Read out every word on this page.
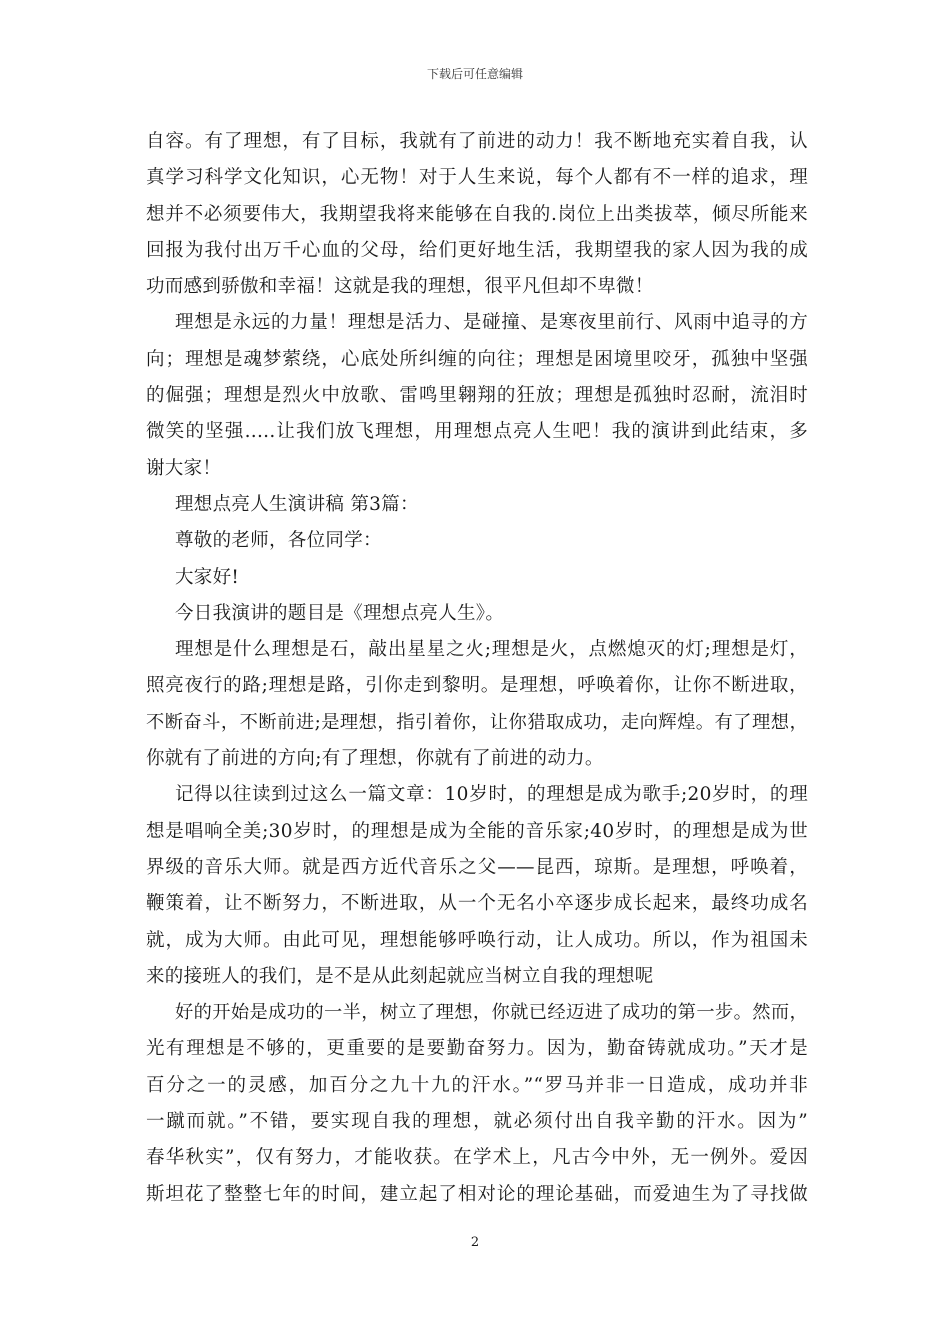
下载后可任意编辑
自容。有了理想，有了目标，我就有了前进的动力！我不断地充实着自我，认
真学习科学文化知识，心无物！对于人生来说，每个人都有不一样的追求，理
想并不必须要伟大，我期望我将来能够在自我的.岗位上出类拔萃，倾尽所能来
回报为我付出万千心血的父母，给们更好地生活，我期望我的家人因为我的成
功而感到骄傲和幸福！这就是我的理想，很平凡但却不卑微！
理想是永远的力量！理想是活力、是碰撞、是寒夜里前行、风雨中追寻的方
向；理想是魂梦萦绕，心底处所纠缠的向往；理想是困境里咬牙，孤独中坚强
的倔强；理想是烈火中放歌、雷鸣里翱翔的狂放；理想是孤独时忍耐，流泪时
微笑的坚强.....让我们放飞理想，用理想点亮人生吧！我的演讲到此结束，多
谢大家！
理想点亮人生演讲稿 第3篇：
尊敬的老师，各位同学：
大家好!
今日我演讲的题目是《理想点亮人生》。
理想是什么理想是石，敲出星星之火;理想是火，点燃熄灭的灯;理想是灯，
照亮夜行的路;理想是路，引你走到黎明。是理想，呼唤着你，让你不断进取，
不断奋斗，不断前进;是理想，指引着你，让你猎取成功，走向辉煌。有了理想，
你就有了前进的方向;有了理想，你就有了前进的动力。
记得以往读到过这么一篇文章：10岁时，的理想是成为歌手;20岁时，的理
想是唱响全美;30岁时，的理想是成为全能的音乐家;40岁时，的理想是成为世
界级的音乐大师。就是西方近代音乐之父——昆西，琼斯。是理想，呼唤着，
鞭策着，让不断努力，不断进取，从一个无名小卒逐步成长起来，最终功成名
就，成为大师。由此可见，理想能够呼唤行动，让人成功。所以，作为祖国未
来的接班人的我们，是不是从此刻起就应当树立自我的理想呢
好的开始是成功的一半，树立了理想，你就已经迈进了成功的第一步。然而，
光有理想是不够的，更重要的是要勤奋努力。因为，勤奋铸就成功。”天才是
百分之一的灵感，加百分之九十九的汗水。”“罗马并非一日造成，成功并非
一蹴而就。”不错，要实现自我的理想，就必须付出自我辛勤的汗水。因为”
春华秋实”，仅有努力，才能收获。在学术上，凡古今中外，无一例外。爱因
斯坦花了整整七年的时间，建立起了相对论的理论基础，而爱迪生为了寻找做
2
